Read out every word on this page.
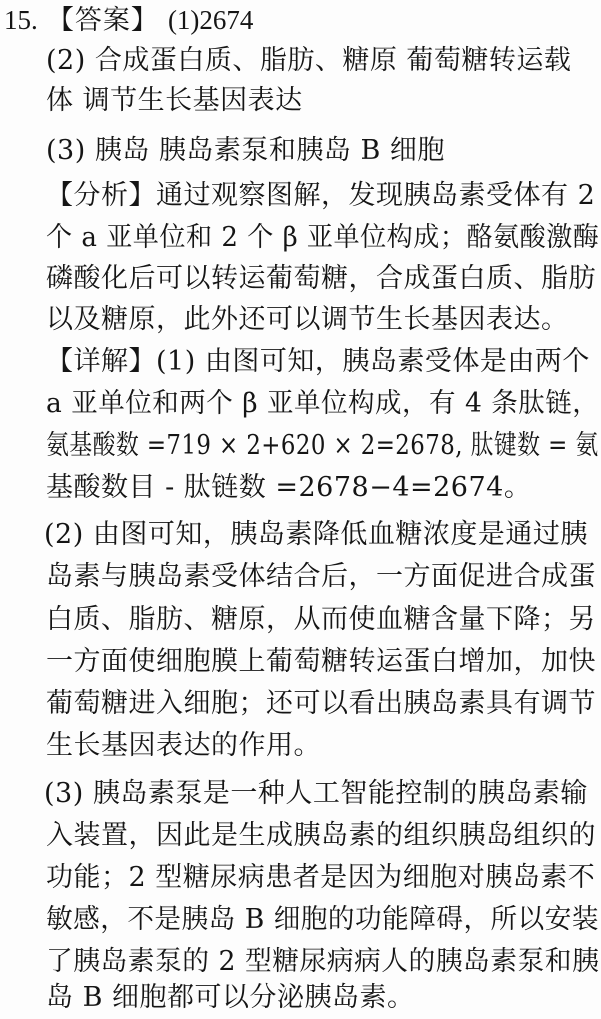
15. 【答案】 (1)2674
(2) 合成蛋白质、脂肪、糖原 葡萄糖转运载
体 调节生长基因表达
(3) 胰岛 胰岛素泵和胰岛 B 细胞
【分析】通过观察图解，发现胰岛素受体有 2
个 a 亚单位和 2 个 β 亚单位构成；酪氨酸激酶
磷酸化后可以转运葡萄糖，合成蛋白质、脂肪
以及糖原，此外还可以调节生长基因表达。
【详解】(1) 由图可知，胰岛素受体是由两个
a 亚单位和两个 β 亚单位构成，有 4 条肽链，
氨基酸数 =719 × 2+620 × 2=2678, 肽键数 = 氨
基酸数目 - 肽链数 =2678−4=2674。
(2) 由图可知，胰岛素降低血糖浓度是通过胰
岛素与胰岛素受体结合后，一方面促进合成蛋
白质、脂肪、糖原，从而使血糖含量下降；另
一方面使细胞膜上葡萄糖转运蛋白增加，加快
葡萄糖进入细胞；还可以看出胰岛素具有调节
生长基因表达的作用。
(3) 胰岛素泵是一种人工智能控制的胰岛素输
入装置，因此是生成胰岛素的组织胰岛组织的
功能；2 型糖尿病患者是因为细胞对胰岛素不
敏感，不是胰岛 B 细胞的功能障碍，所以安装
了胰岛素泵的 2 型糖尿病病人的胰岛素泵和胰
岛 B 细胞都可以分泌胰岛素。
